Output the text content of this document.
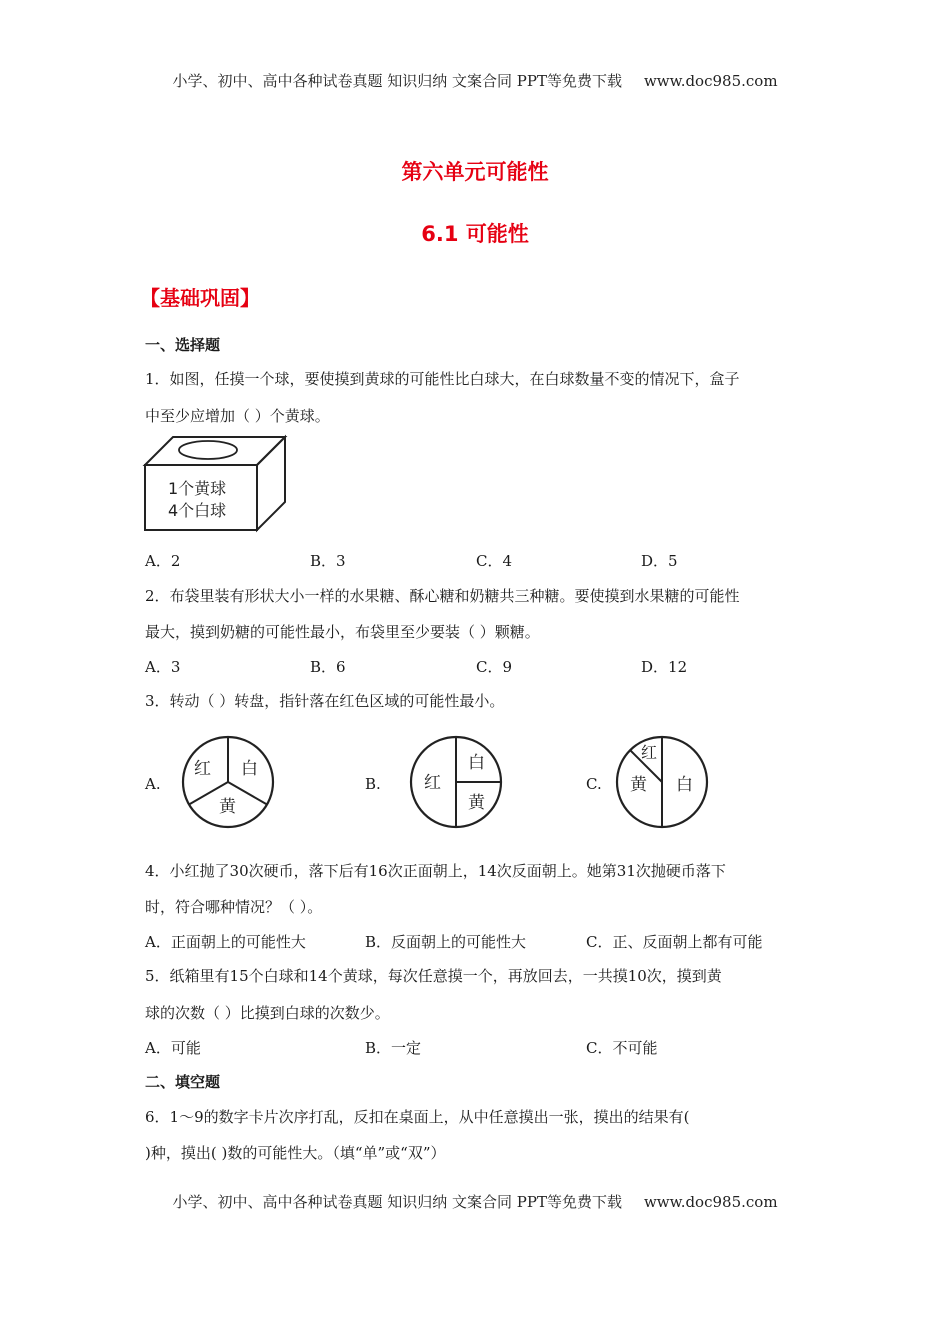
小学、初中、高中各种试卷真题 知识归纳 文案合同 PPT等免费下载 www.doc985.com
第六单元可能性
6.1 可能性
【基础巩固】
一、选择题
1．如图，任摸一个球，要使摸到黄球的可能性比白球大，在白球数量不变的情况下，盒子
中至少应增加（ ）个黄球。
1个黄球
4个白球
A．2	B．3	C．4	D．5
2．布袋里装有形状大小一样的水果糖、酥心糖和奶糖共三种糖。要使摸到水果糖的可能性
最大，摸到奶糖的可能性最小，布袋里至少要装（ ）颗糖。
A．3	B．6	C．9	D．12
3．转动（ ）转盘，指针落在红色区域的可能性最小。
A.
红 白
黄
B.	红
白
黄
C.
红
黄 白
4．小红抛了30次硬币，落下后有16次正面朝上，14次反面朝上。她第31次抛硬币落下
时，符合哪种情况？（ ）。
A．正面朝上的可能性大	B．反面朝上的可能性大	C．正、反面朝上都有可能
5．纸箱里有15个白球和14个黄球，每次任意摸一个，再放回去，一共摸10次，摸到黄
球的次数（ ）比摸到白球的次数少。
A．可能	B．一定	C．不可能
二、填空题
6．1～9的数字卡片次序打乱，反扣在桌面上，从中任意摸出一张，摸出的结果有(
)种，摸出( )数的可能性大。（填“单”或“双”）
小学、初中、高中各种试卷真题 知识归纳 文案合同 PPT等免费下载 www.doc985.com
